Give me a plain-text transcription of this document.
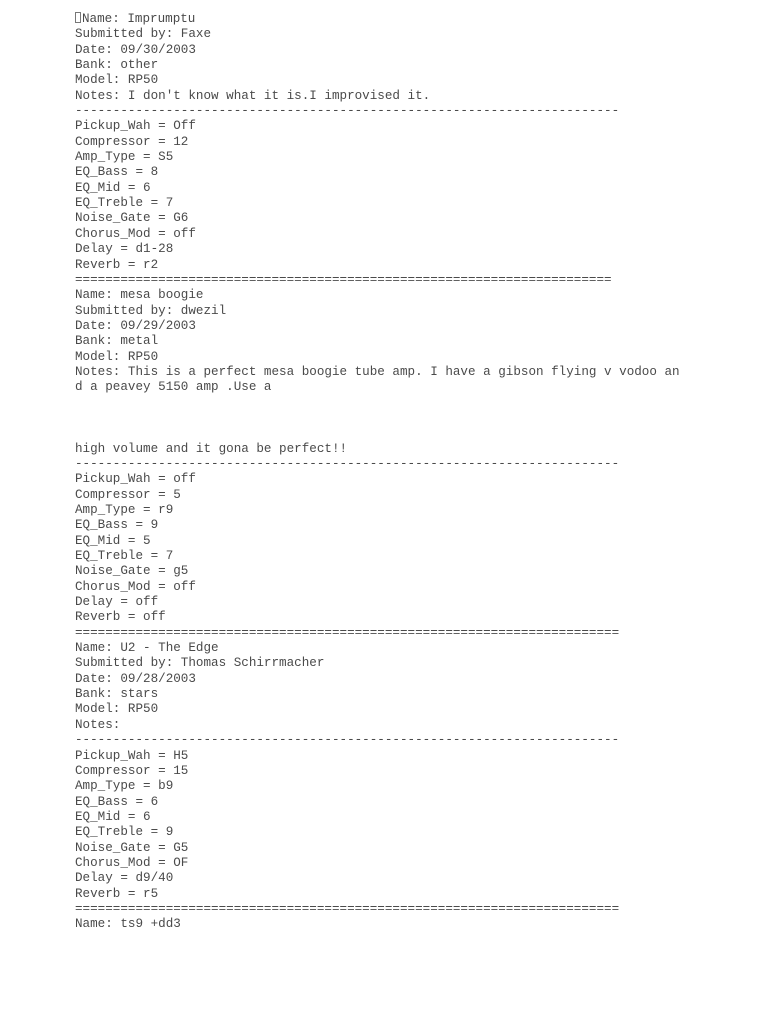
Name: Imprumptu
Submitted by: Faxe
Date: 09/30/2003
Bank: other
Model: RP50
Notes: I don't know what it is.I improvised it.
------------------------------------------------------------------------
Pickup_Wah = Off
Compressor = 12
Amp_Type = S5
EQ_Bass = 8
EQ_Mid = 6
EQ_Treble = 7
Noise_Gate = G6
Chorus_Mod = off
Delay = d1-28
Reverb = r2
=======================================================================
Name: mesa boogie
Submitted by: dwezil
Date: 09/29/2003
Bank: metal
Model: RP50
Notes: This is a perfect mesa boogie tube amp. I have a gibson flying v vodoo an
d a peavey 5150 amp .Use a
high volume and it gona be perfect!!
------------------------------------------------------------------------
Pickup_Wah = off
Compressor = 5
Amp_Type = r9
EQ_Bass = 9
EQ_Mid = 5
EQ_Treble = 7
Noise_Gate = g5
Chorus_Mod = off
Delay = off
Reverb = off
========================================================================
Name: U2 - The Edge
Submitted by: Thomas Schirrmacher
Date: 09/28/2003
Bank: stars
Model: RP50
Notes:
------------------------------------------------------------------------
Pickup_Wah = H5
Compressor = 15
Amp_Type = b9
EQ_Bass = 6
EQ_Mid = 6
EQ_Treble = 9
Noise_Gate = G5
Chorus_Mod = OF
Delay = d9/40
Reverb = r5
========================================================================
Name: ts9 +dd3
